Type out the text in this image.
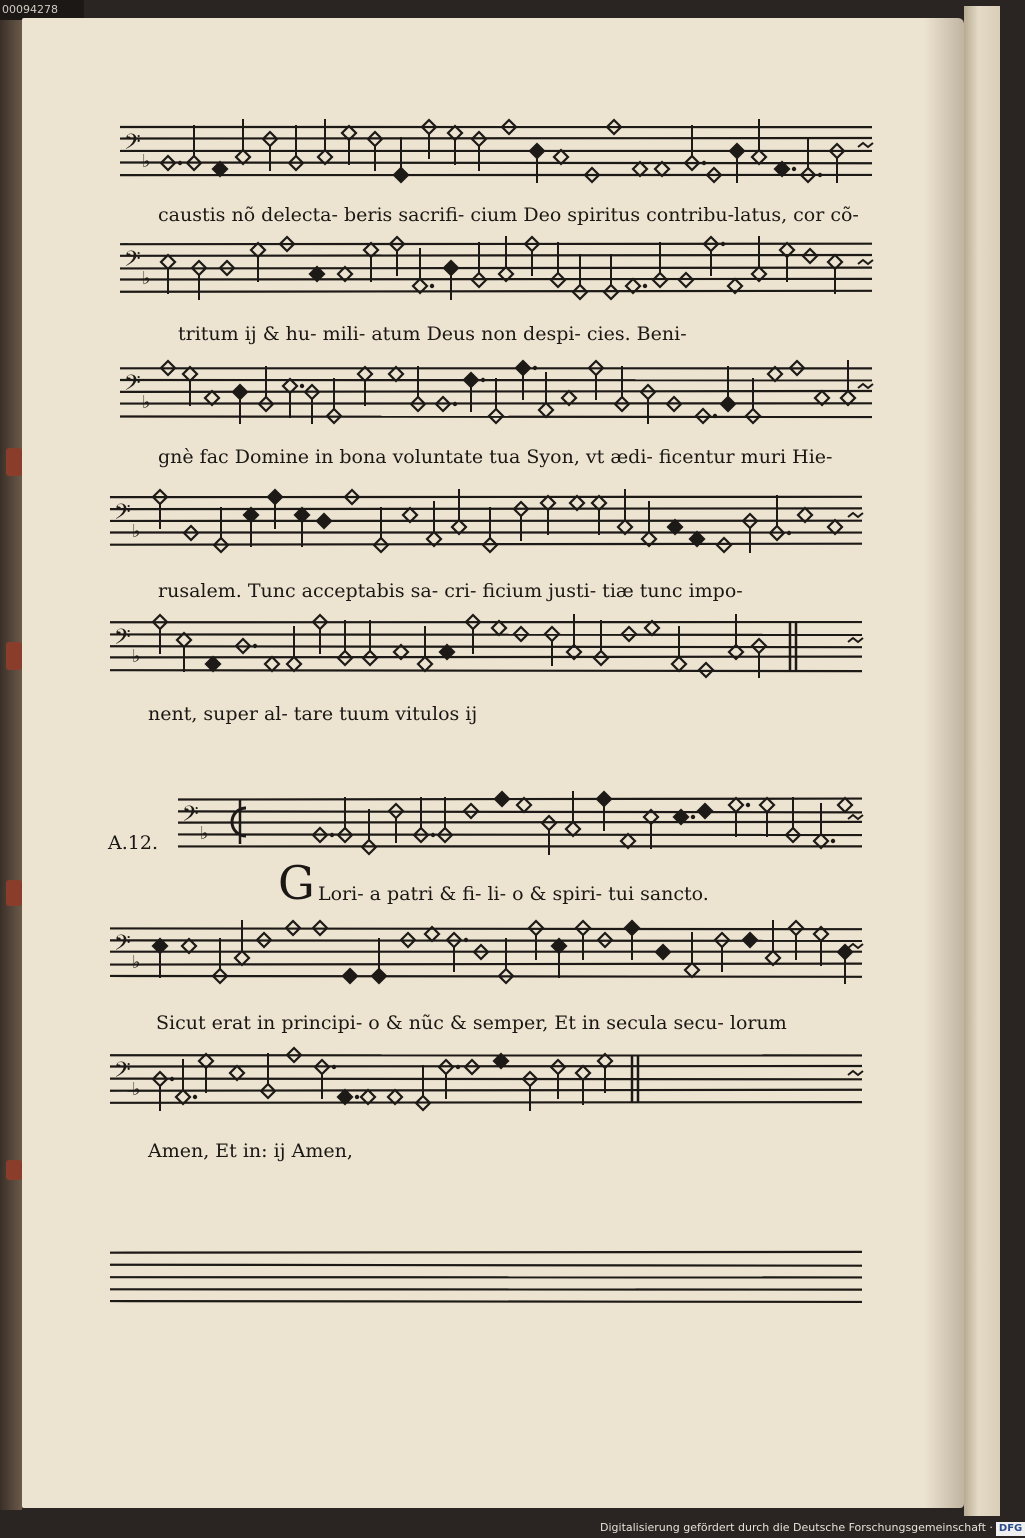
00094278
𝄢
♭
𝄢
♭
𝄢
♭
𝄢
♭
𝄢
♭
𝄢
♭
𝄢
♭
𝄢
♭
caustis nõ delecta- beris sacrifi- cium Deo spiritus contribu-latus, cor cõ-
tritum ij & hu- mili- atum Deus non despi- cies. Beni-
gnè fac Domine in bona voluntate tua Syon, vt ædi- ficentur muri Hie-
rusalem. Tunc acceptabis sa- cri- ficium justi- tiæ tunc impo-
nent, super al- tare tuum vitulos ij
A.12.
G Lori- a patri & fi- li- o & spiri- tui sancto.
Sicut erat in principi- o & nũc & semper, Et in secula secu- lorum
Amen, Et in: ij Amen,
Digitalisierung gefördert durch die Deutsche Forschungsgemeinschaft · DFG
